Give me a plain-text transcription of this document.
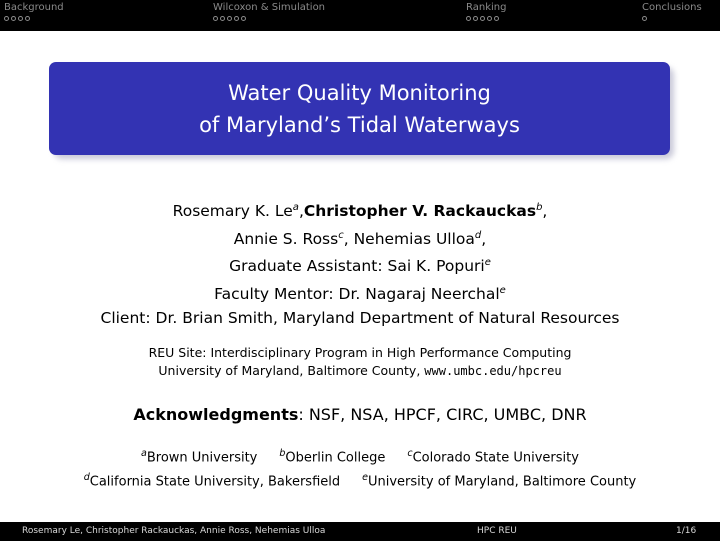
Background	Wilcoxon & Simulation	Ranking	Conclusions
Water Quality Monitoring
of Maryland’s Tidal Waterways
Rosemary K. Le$^a$,Christopher V. Rackauckas$^b$,
Annie S. Ross$^c$, Nehemias Ulloa$^d$,
Graduate Assistant: Sai K. Popuri$^e$
Faculty Mentor: Dr. Nagaraj Neerchal$^e$
Client: Dr. Brian Smith, Maryland Department of Natural Resources
REU Site: Interdisciplinary Program in High Performance Computing
University of Maryland, Baltimore County, www.umbc.edu/hpcreu
Acknowledgments: NSF, NSA, HPCF, CIRC, UMBC, DNR
$^a$Brown University $^b$Oberlin College $^c$Colorado State University
$^d$California State University, Bakersfield $^e$University of Maryland, Baltimore County
Rosemary Le, Christopher Rackauckas, Annie Ross, Nehemias Ulloa	HPC REU	1/16
